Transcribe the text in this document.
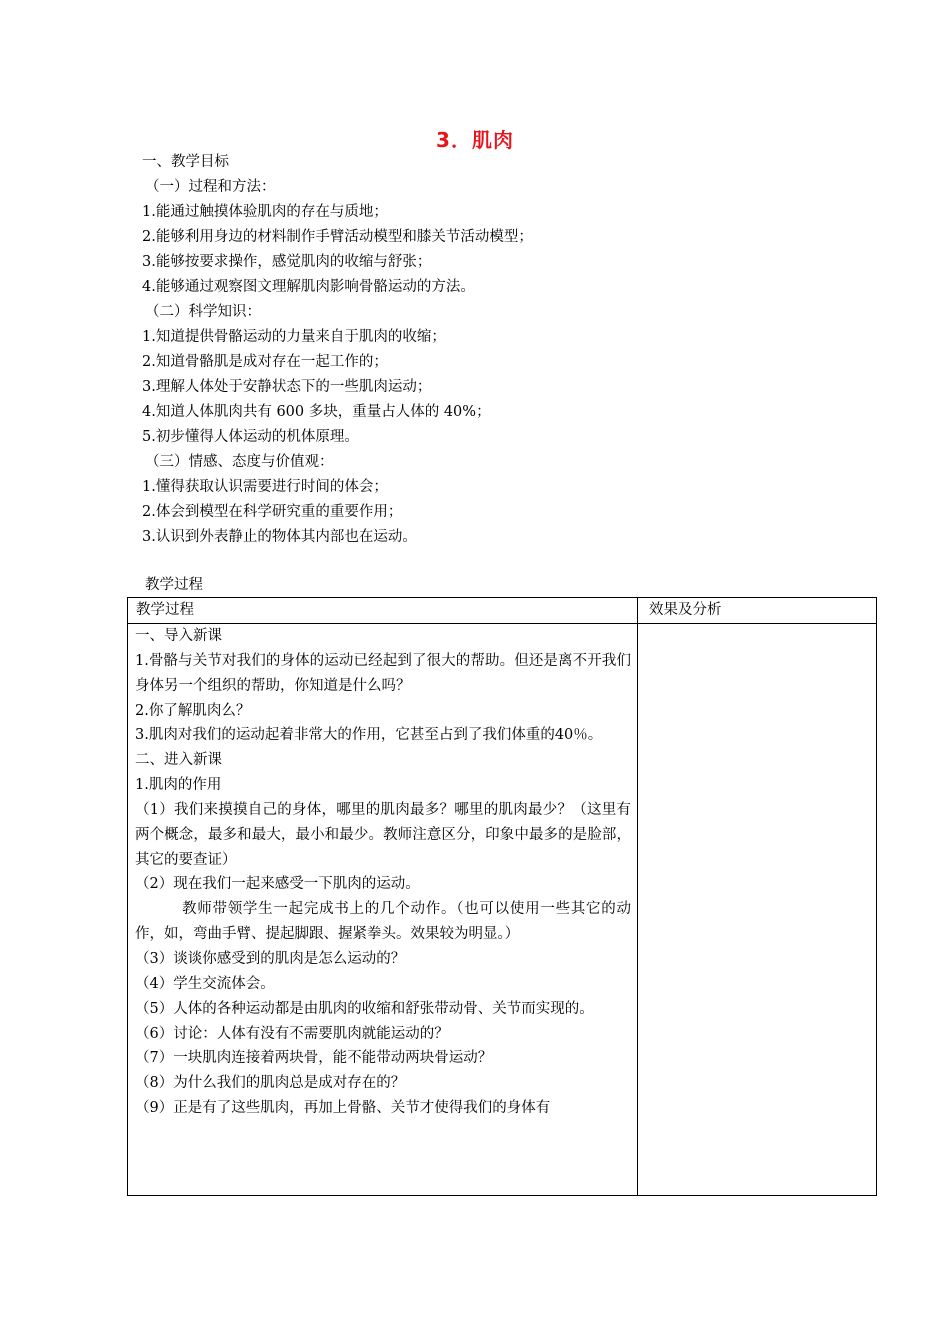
3．肌肉
一、教学目标
（一）过程和方法：
1.能通过触摸体验肌肉的存在与质地；
2.能够利用身边的材料制作手臂活动模型和膝关节活动模型；
3.能够按要求操作，感觉肌肉的收缩与舒张；
4.能够通过观察图文理解肌肉影响骨骼运动的方法。
（二）科学知识：
1.知道提供骨骼运动的力量来自于肌肉的收缩；
2.知道骨骼肌是成对存在一起工作的；
3.理解人体处于安静状态下的一些肌肉运动；
4.知道人体肌肉共有 600 多块，重量占人体的 40%；
5.初步懂得人体运动的机体原理。
（三）情感、态度与价值观：
1.懂得获取认识需要进行时间的体会；
2.体会到模型在科学研究重的重要作用；
3.认识到外表静止的物体其内部也在运动。
教学过程
教学过程	效果及分析
一、导入新课
1.骨骼与关节对我们的身体的运动已经起到了很大的帮助。但还是离不开我们身体另一个组织的帮助，你知道是什么吗？
2.你了解肌肉么？
3.肌肉对我们的运动起着非常大的作用，它甚至占到了我们体重的40％。
二、进入新课
1.肌肉的作用
（1）我们来摸摸自己的身体，哪里的肌肉最多？哪里的肌肉最少？（这里有两个概念，最多和最大，最小和最少。教师注意区分，印象中最多的是脸部，其它的要查证）
（2）现在我们一起来感受一下肌肉的运动。
教师带领学生一起完成书上的几个动作。（也可以使用一些其它的动作，如，弯曲手臂、提起脚跟、握紧拳头。效果较为明显。）
（3）谈谈你感受到的肌肉是怎么运动的？
（4）学生交流体会。
（5）人体的各种运动都是由肌肉的收缩和舒张带动骨、关节而实现的。
（6）讨论：人体有没有不需要肌肉就能运动的？
（7）一块肌肉连接着两块骨，能不能带动两块骨运动？
（8）为什么我们的肌肉总是成对存在的？
（9）正是有了这些肌肉，再加上骨骼、关节才使得我们的身体有
